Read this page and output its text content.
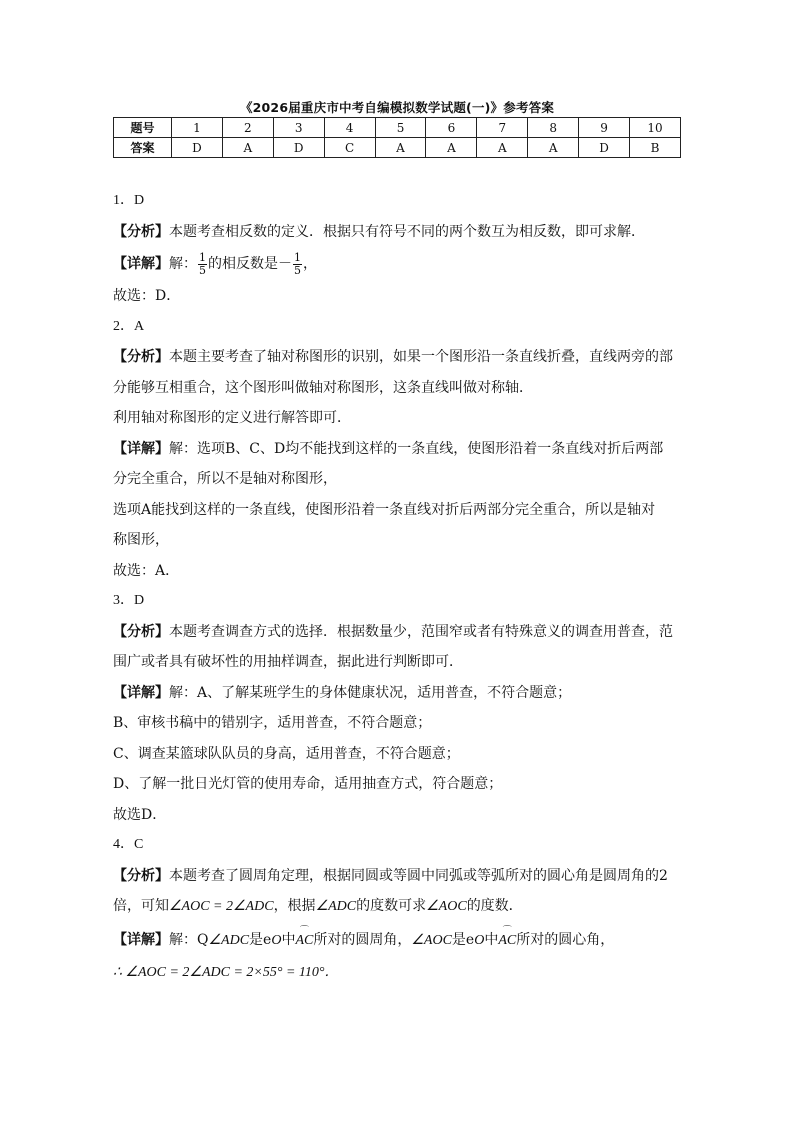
《2026届重庆市中考自编模拟数学试题(一)》参考答案
题号	1	2	3	4	5	6	7	8	9	10
答案	D	A	D	C	A	A	A	A	D	B

1．D

【分析】本题考查相反数的定义．根据只有符号不同的两个数互为相反数，即可求解．

【详解】解： $\frac{1}{5}$ 的相反数是－ $\frac{1}{5}$ ，

故选：D．

2．A

【分析】本题主要考查了轴对称图形的识别，如果一个图形沿一条直线折叠，直线两旁的部

分能够互相重合，这个图形叫做轴对称图形，这条直线叫做对称轴．

利用轴对称图形的定义进行解答即可．

【详解】解：选项B、C、D均不能找到这样的一条直线，使图形沿着一条直线对折后两部

分完全重合，所以不是轴对称图形，

选项A能找到这样的一条直线，使图形沿着一条直线对折后两部分完全重合，所以是轴对

称图形，

故选：A．

3．D

【分析】本题考查调查方式的选择．根据数量少，范围窄或者有特殊意义的调查用普查，范

围广或者具有破坏性的用抽样调查，据此进行判断即可．

【详解】解：A、了解某班学生的身体健康状况，适用普查，不符合题意；

B、审核书稿中的错别字，适用普查，不符合题意；

C、调查某篮球队队员的身高，适用普查，不符合题意；

D、了解一批日光灯管的使用寿命，适用抽查方式，符合题意；

故选D．

4．C

【分析】本题考查了圆周角定理，根据同圆或等圆中同弧或等弧所对的圆心角是圆周角的2

倍，可知∠AOC = 2∠ADC，根据∠ADC的度数可求∠AOC的度数．

【详解】解：Q∠ADC是eO中⌒ AC所对的圆周角，∠AOC是eO中⌒ AC所对的圆心角，

∴ ∠AOC = 2∠ADC = 2×55° = 110°．
